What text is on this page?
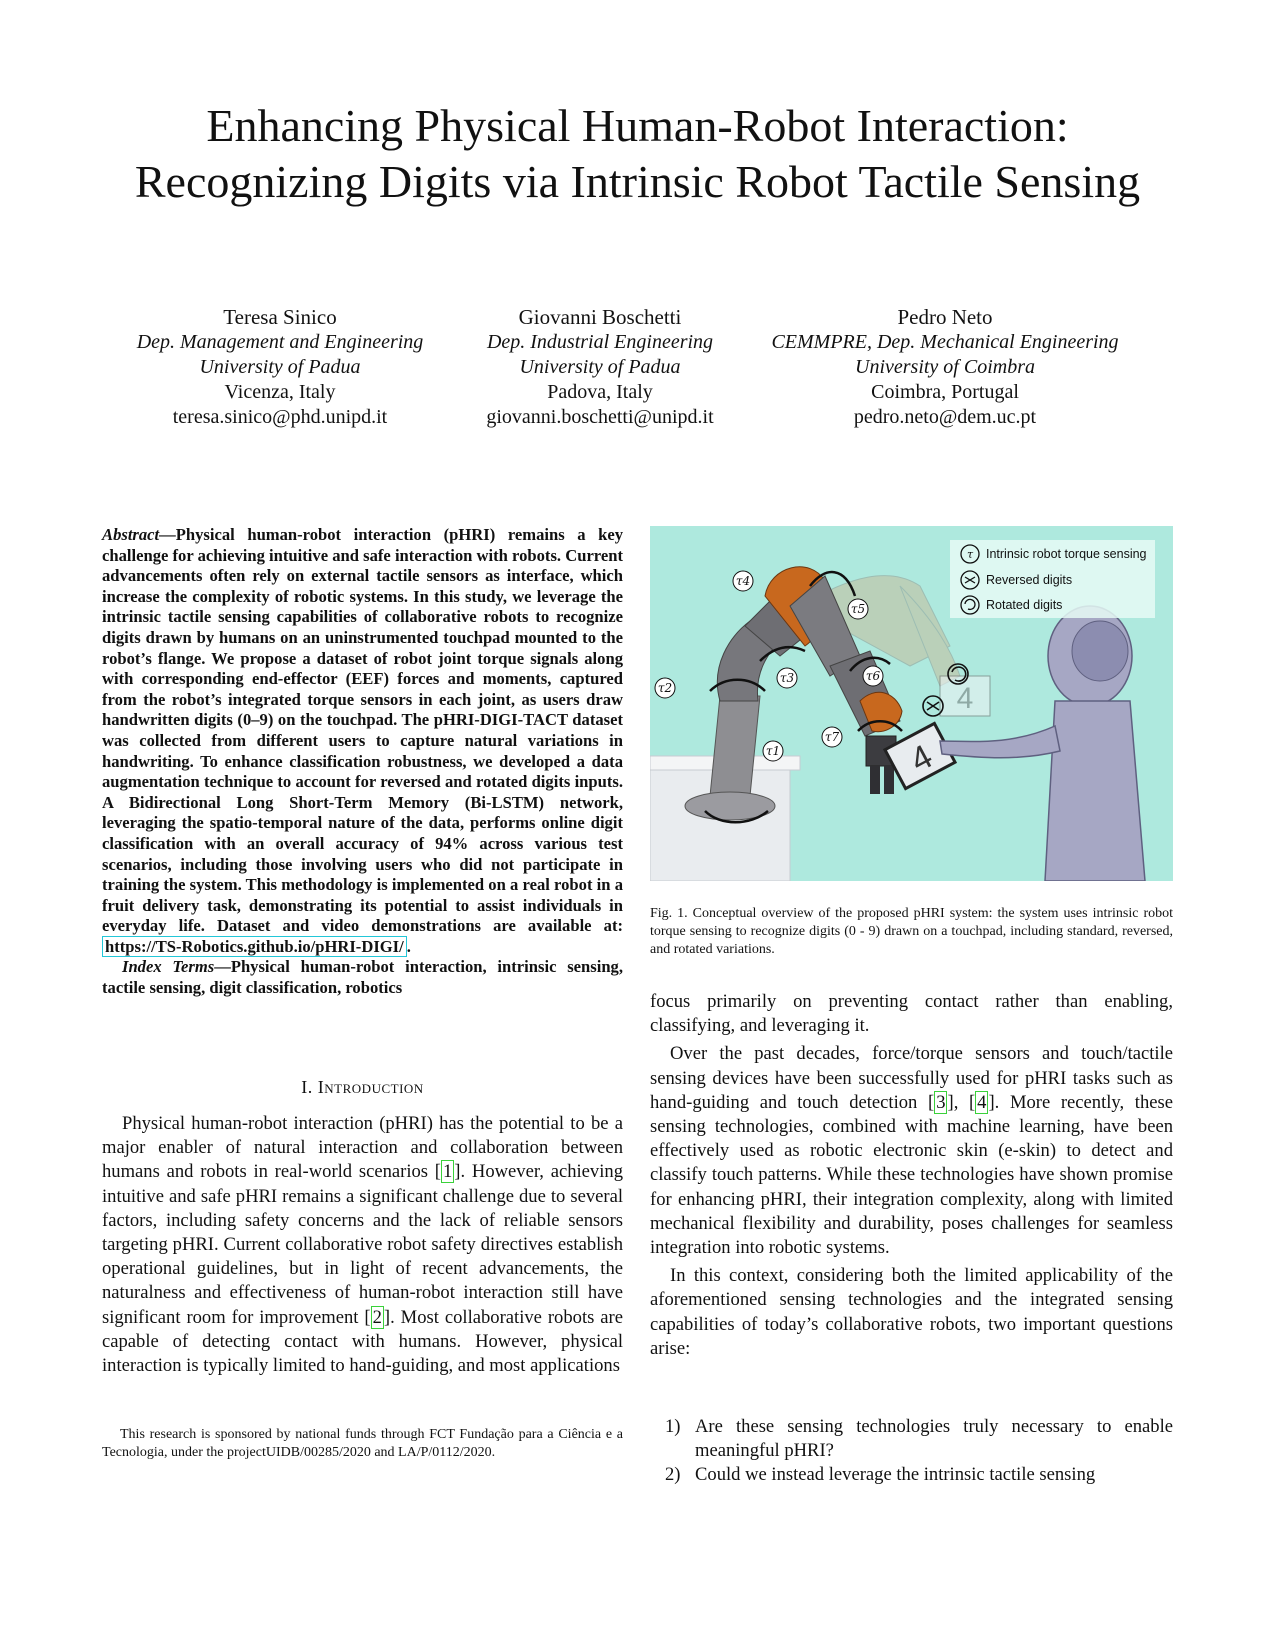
Enhancing Physical Human-Robot Interaction: Recognizing Digits via Intrinsic Robot Tactile Sensing
Teresa Sinico
Dep. Management and Engineering
University of Padua
Vicenza, Italy
teresa.sinico@phd.unipd.it
Giovanni Boschetti
Dep. Industrial Engineering
University of Padua
Padova, Italy
giovanni.boschetti@unipd.it
Pedro Neto
CEMMPRE, Dep. Mechanical Engineering
University of Coimbra
Coimbra, Portugal
pedro.neto@dem.uc.pt
Abstract—Physical human-robot interaction (pHRI) remains a key challenge for achieving intuitive and safe interaction with robots. Current advancements often rely on external tactile sensors as interface, which increase the complexity of robotic systems. In this study, we leverage the intrinsic tactile sensing capabilities of collaborative robots to recognize digits drawn by humans on an uninstrumented touchpad mounted to the robot’s flange. We propose a dataset of robot joint torque signals along with corresponding end-effector (EEF) forces and moments, captured from the robot’s integrated torque sensors in each joint, as users draw handwritten digits (0–9) on the touchpad. The pHRI-DIGI-TACT dataset was collected from different users to capture natural variations in handwriting. To enhance classification robustness, we developed a data augmentation technique to account for reversed and rotated digits inputs. A Bidirectional Long Short-Term Memory (Bi-LSTM) network, leveraging the spatio-temporal nature of the data, performs online digit classification with an overall accuracy of 94% across various test scenarios, including those involving users who did not participate in training the system. This methodology is implemented on a real robot in a fruit delivery task, demonstrating its potential to assist individuals in everyday life. Dataset and video demonstrations are available at: https://TS-Robotics.github.io/pHRI-DIGI/ .
Index Terms—Physical human-robot interaction, intrinsic sensing, tactile sensing, digit classification, robotics
I. Introduction

Physical human-robot interaction (pHRI) has the potential to be a major enabler of natural interaction and collaboration between humans and robots in real-world scenarios [ 1 ]. However, achieving intuitive and safe pHRI remains a significant challenge due to several factors, including safety concerns and the lack of reliable sensors targeting pHRI. Current collaborative robot safety directives establish operational guidelines, but in light of recent advancements, the naturalness and effectiveness of human-robot interaction still have significant room for improvement [ 2 ]. Most collaborative robots are capable of detecting contact with humans. However, physical interaction is typically limited to hand-guiding, and most applications

This research is sponsored by national funds through FCT Fundação para a Ciência e a Tecnologia, under the projectUIDB/00285/2020 and LA/P/0112/2020.
4
4
τ1
τ2
τ3
τ4
τ5
τ6
τ7
τ Intrinsic robot torque sensing
Reversed digits
Rotated digits
Fig. 1. Conceptual overview of the proposed pHRI system: the system uses intrinsic robot torque sensing to recognize digits (0 - 9) drawn on a touchpad, including standard, reversed, and rotated variations.
focus primarily on preventing contact rather than enabling, classifying, and leveraging it.

Over the past decades, force/torque sensors and touch/tactile sensing devices have been successfully used for pHRI tasks such as hand-guiding and touch detection [ 3 ], [ 4 ]. More recently, these sensing technologies, combined with machine learning, have been effectively used as robotic electronic skin (e-skin) to detect and classify touch patterns. While these technologies have shown promise for enhancing pHRI, their integration complexity, along with limited mechanical flexibility and durability, poses challenges for seamless integration into robotic systems.

In this context, considering both the limited applicability of the aforementioned sensing technologies and the integrated sensing capabilities of today’s collaborative robots, two important questions arise:

1) Are these sensing technologies truly necessary to enable meaningful pHRI?
2) Could we instead leverage the intrinsic tactile sensing
